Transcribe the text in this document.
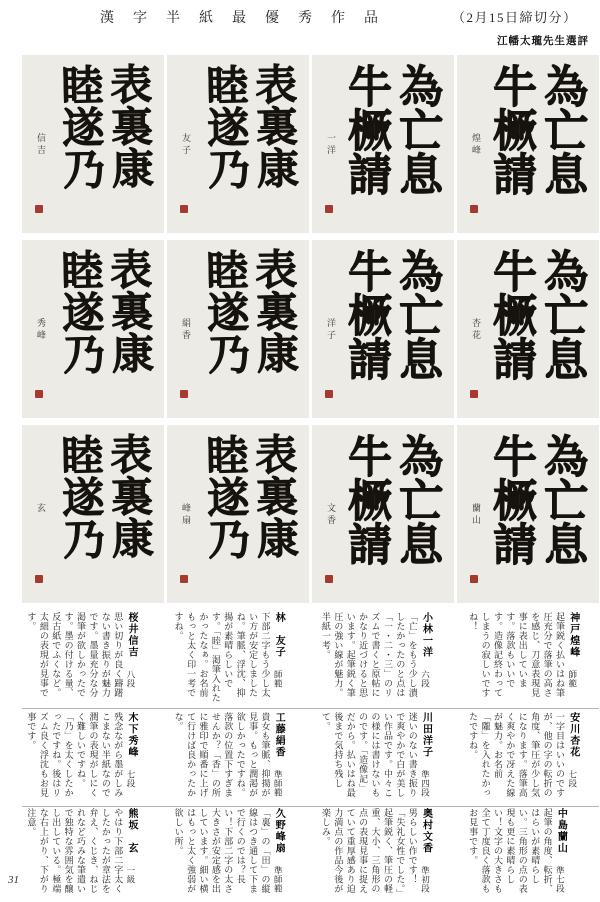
漢字半紙最優秀作品	（2月15日締切分）
江幡太瓏先生選評
表裏康
睦遂乃
信吉	表裏康
睦遂乃
友子	為亡息
牛橛請
一洋	為亡息
牛橛請
煌峰
表裏康
睦遂乃
秀峰	表裏康
睦遂乃
絹香	為亡息
牛橛請
洋子	為亡息
牛橛請
杏花
表裏康
睦遂乃
玄	表裏康
睦遂乃
峰扇	為亡息
牛橛請
文香	為亡息
牛橛請
蘭山
桜井信吉八段
思い切りが良く躊躇ない書き振りが魅力です。墨量充分な分渇筆が欲しかったです。墨の付ける量、反古紙でふくなど。太細の表現が見事です。	林　友子師範
下部二字もう少し太い方が安定しましたね。筆脈、浮沈、抑揚が素晴らしいです。「睦」渇筆入れたかったなぁ。お名前もっと太く印一考ですね。	小林一洋六段
「亡」をもう少し潰したかったのと点は「一・二・三」のリズムで書くと原帖にかなり近づけると思います。起筆鋭く筆圧の強い線が魅力。半紙一考。	神戸煌峰師範
起筆鋭く払いはね筆圧充分で落筆の高さを感じ、刀意表現見事に表出しています。落款もいいです。造像記終わってしまうの寂しいですね！
木下秀峰七段
残念ながら墨がしみこまない半紙なので潤筆の表現がしにくく難しいですね。「乃」を太くしたかったですね。後はリズム良く浮沈もお見事です。	工藤絹香準師範
貴女も筆脈、抑揚が見事。もっと潤渇が欲しかったですね。落款の位置下すぎませんか？「香」の所に雅印で順番に上げて行けば良かったかな。	川田洋子準四段
迷いのない書き振りで爽やかで白が美しい作品です。中々この様には書けないものです。「造像記」だから。払いはね最後まで気持ち残して。	安川杏花七段
一字目はいいのですが、他の字の転折の角度、筆圧が少し気になります。落筆高く爽やかで冴えた線が魅力。お名前「隴」を入れたかったですね。
熊坂　玄一級
やはり下部二字太くしたかったが章法を弁え、くじき、ねじれなど巧みな筆遣いで独特な雰囲気を醸し出している。極端な右上がり、下がり注意。	久野峰扇準師範
「裏」の「田」の縦線はつき通して下まで行くのでは？長い！下部二字の太さ大きさが安定感を出しています。細い横はもっと太く強弱が欲しい所。	奥村文香準初段
男らしい作です！「失礼女性でした。」起筆鋭く、筆圧の軽重、大小、三角形の点の表現見事に捉えていて重厚感あり迫力満点の作品今後が楽しみ。	中島蘭山準七段
起筆の角度、転折、はらいが素晴らしい。三角形の点の表現も更に素晴らしい！文字の大きさも全て丁度良く落款もお見事です。
31
